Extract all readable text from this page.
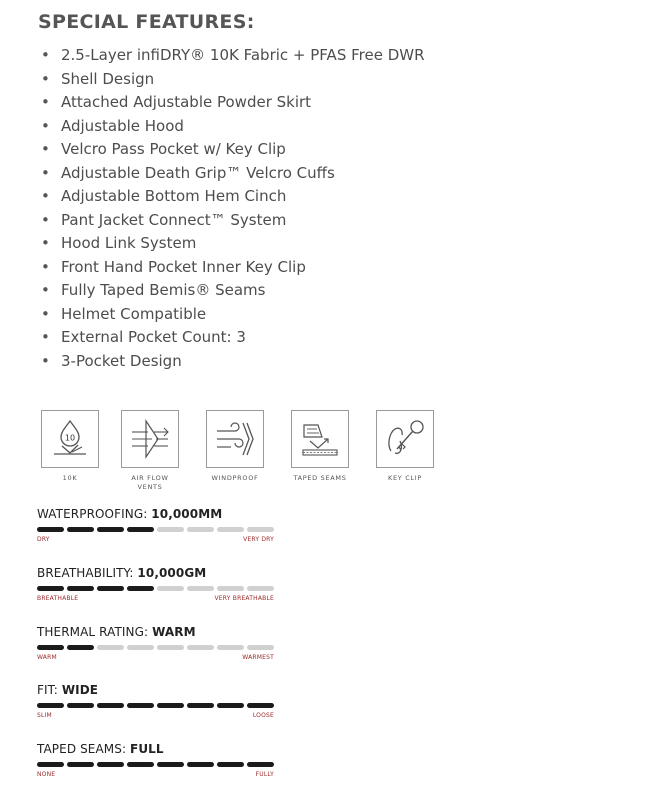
SPECIAL FEATURES:
• 2.5-Layer infiDRY® 10K Fabric + PFAS Free DWR
• Shell Design
• Attached Adjustable Powder Skirt
• Adjustable Hood
• Velcro Pass Pocket w/ Key Clip
• Adjustable Death Grip™ Velcro Cuffs
• Adjustable Bottom Hem Cinch
• Pant Jacket Connect™ System
• Hood Link System
• Front Hand Pocket Inner Key Clip
• Fully Taped Bemis® Seams
• Helmet Compatible
• External Pocket Count: 3
• 3-Pocket Design
10
10K	AIR FLOW
VENTS
WINDPROOF	TAPED SEAMS	KEY CLIP
WATERPROOFING: 10,000MM
DRY	VERY DRY
BREATHABILITY: 10,000GM
BREATHABLE	VERY BREATHABLE
THERMAL RATING: WARM
WARM	WARMEST
FIT: WIDE
SLIM	LOOSE
TAPED SEAMS: FULL
NONE	FULLY
